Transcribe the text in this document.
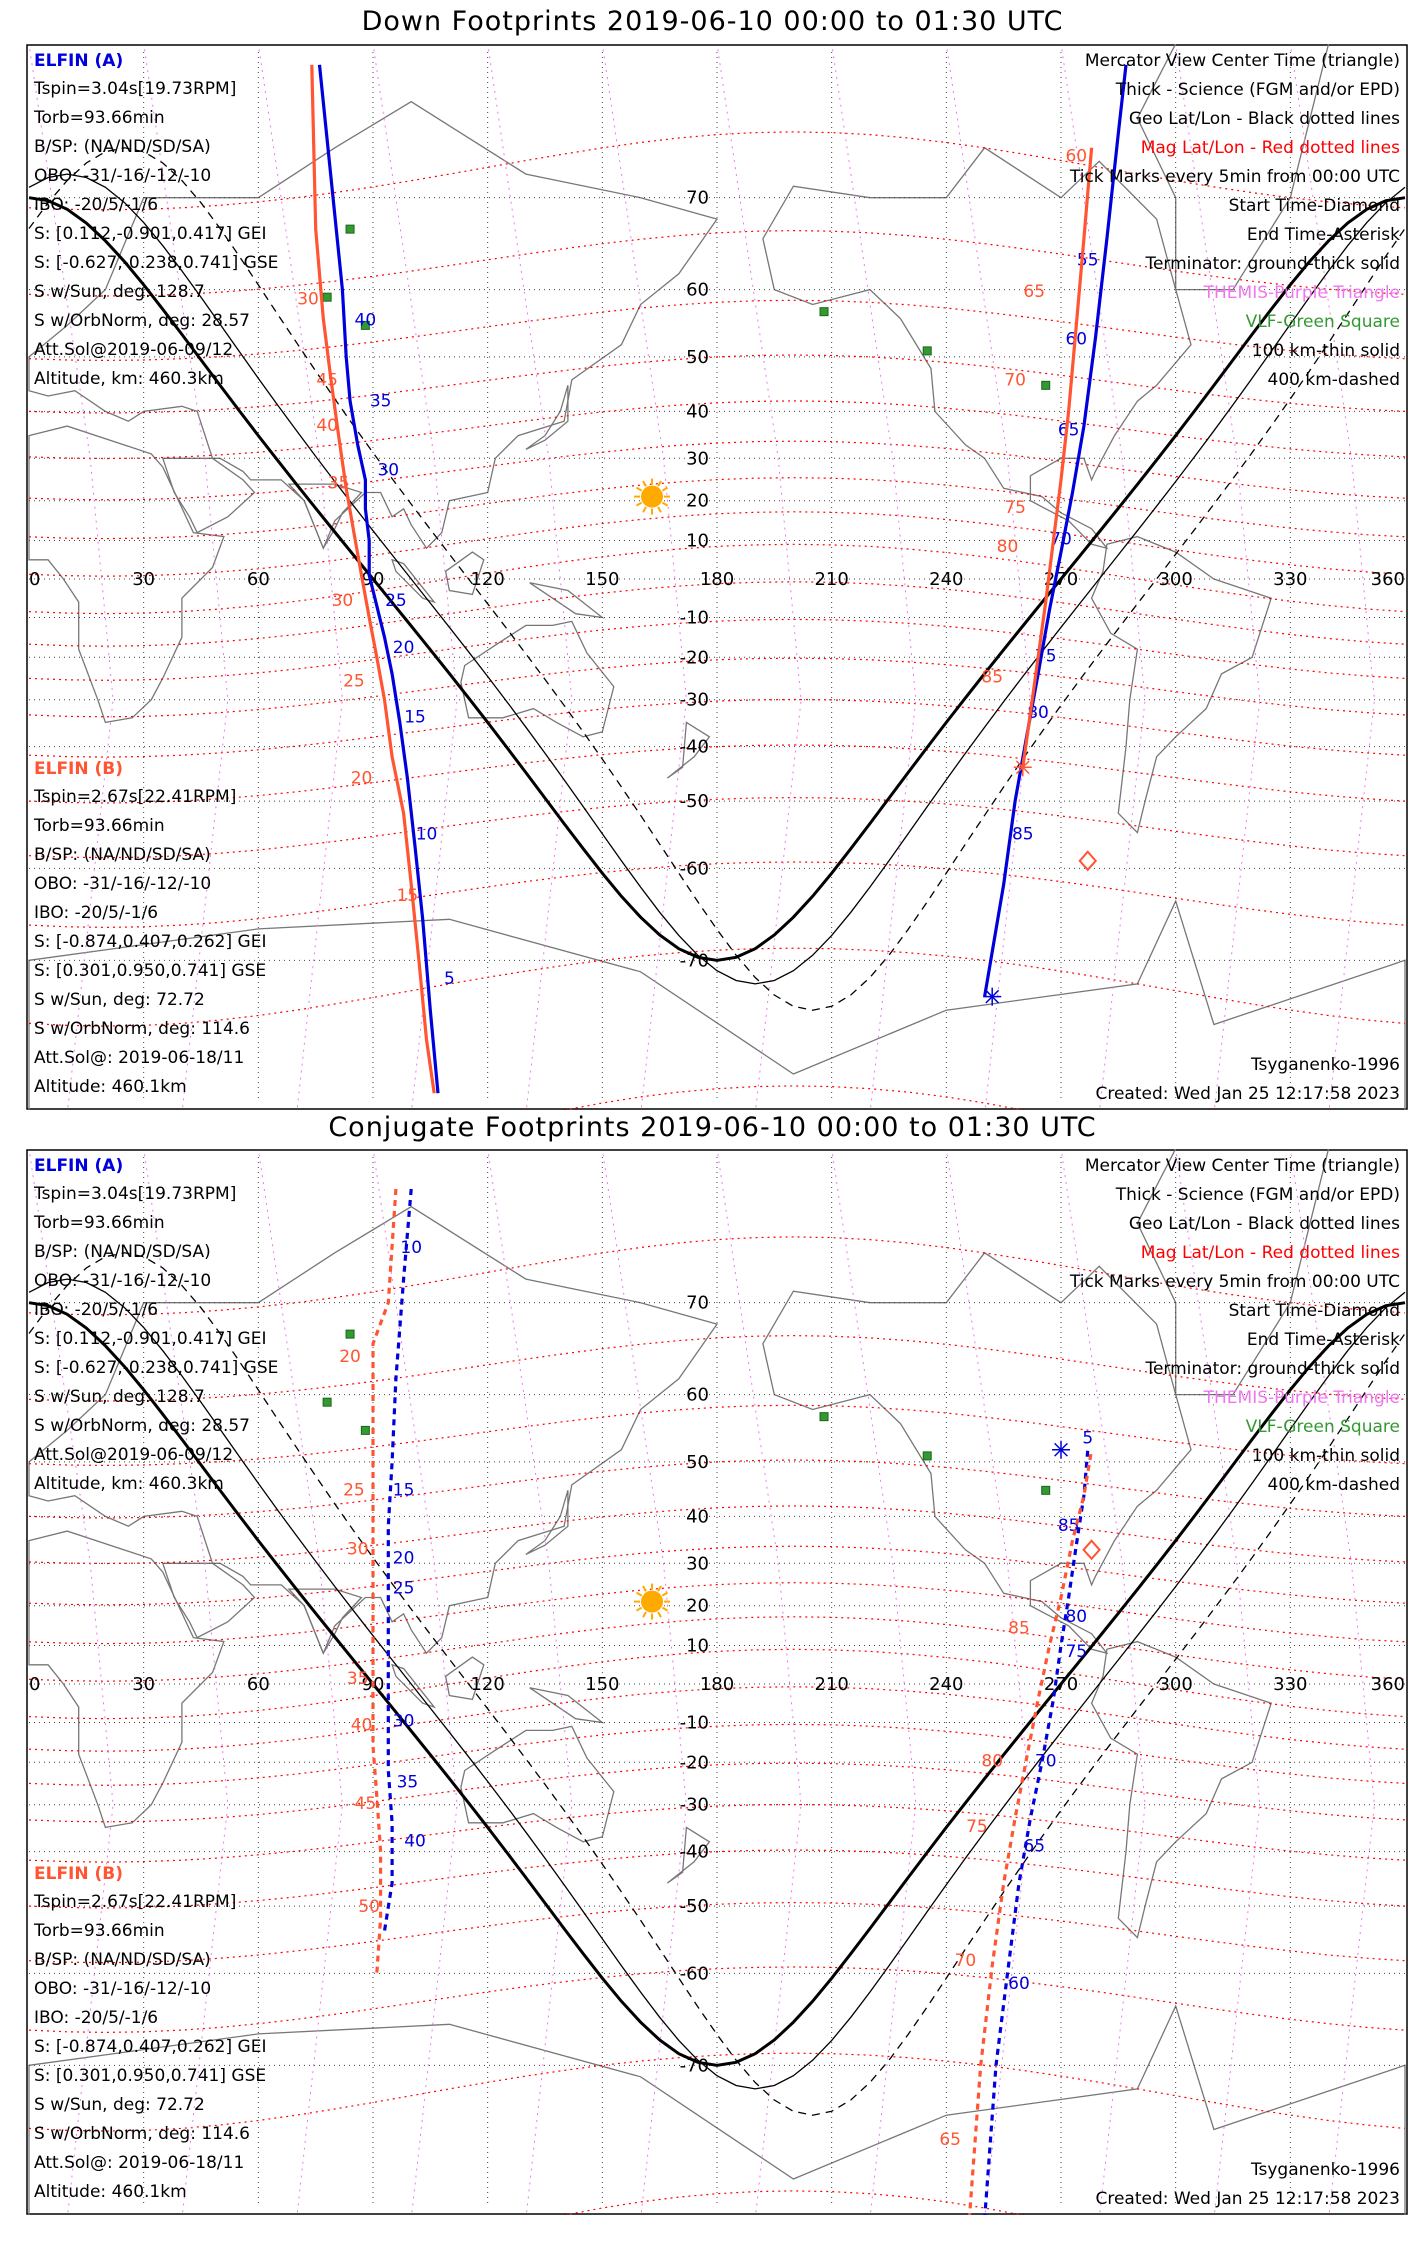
Down Footprints 2019-06-10 00:00 to 01:30 UTC
0	30	60	90	120	150	180	210	240	270	300	330	360
70
60
50
40
30
20
10
-10
-20
-30
-40
-50
-60
-70
40
35
30
25
20
15
10
5
30
45
40
35
30
25
20
15
85
80
75
70
65
60
55
85
80
75
70
65
60
ELFIN (A)
Tspin=3.04s[19.73RPM]
Torb=93.66min
B/SP: (NA/ND/SD/SA)
OBO: -31/-16/-12/-10
IBO: -20/5/-1/6
S: [0.112,-0.901,0.417] GEI
S: [-0.627,-0.238,0.741] GSE
S w/Sun, deg: 128.7
S w/OrbNorm, deg: 28.57
Att.Sol@2019-06-09/12
Altitude, km: 460.3km
ELFIN (B)
Tspin=2.67s[22.41RPM]
Torb=93.66min
B/SP: (NA/ND/SD/SA)
OBO: -31/-16/-12/-10
IBO: -20/5/-1/6
S: [-0.874,0.407,0.262] GEI
S: [0.301,0.950,0.741] GSE
S w/Sun, deg: 72.72
S w/OrbNorm, deg: 114.6
Att.Sol@: 2019-06-18/11
Altitude: 460.1km
Mercator View Center Time (triangle)
Thick - Science (FGM and/or EPD)
Geo Lat/Lon - Black dotted lines
Mag Lat/Lon - Red dotted lines
Tick Marks every 5min from 00:00 UTC
Start Time-Diamond
End Time-Asterisk
Terminator: ground-thick solid
THEMIS-Purple Triangle
VLF-Green Square
100 km-thin solid
400 km-dashed
Tsyganenko-1996
Created: Wed Jan 25 12:17:58 2023
Conjugate Footprints 2019-06-10 00:00 to 01:30 UTC
0	30	60	90	120	150	180	210	240	270	300	330	360
70
60
50
40
30
20
10
-10
-20
-30
-40
-50
-60
-70
10
15
20
25
30
35
40
20
25
30
35
40
45
50
60
65
70
75
80
85
5
65
70
75
80
85
ELFIN (A)
Tspin=3.04s[19.73RPM]
Torb=93.66min
B/SP: (NA/ND/SD/SA)
OBO: -31/-16/-12/-10
IBO: -20/5/-1/6
S: [0.112,-0.901,0.417] GEI
S: [-0.627,-0.238,0.741] GSE
S w/Sun, deg: 128.7
S w/OrbNorm, deg: 28.57
Att.Sol@2019-06-09/12
Altitude, km: 460.3km
ELFIN (B)
Tspin=2.67s[22.41RPM]
Torb=93.66min
B/SP: (NA/ND/SD/SA)
OBO: -31/-16/-12/-10
IBO: -20/5/-1/6
S: [-0.874,0.407,0.262] GEI
S: [0.301,0.950,0.741] GSE
S w/Sun, deg: 72.72
S w/OrbNorm, deg: 114.6
Att.Sol@: 2019-06-18/11
Altitude: 460.1km
Mercator View Center Time (triangle)
Thick - Science (FGM and/or EPD)
Geo Lat/Lon - Black dotted lines
Mag Lat/Lon - Red dotted lines
Tick Marks every 5min from 00:00 UTC
Start Time-Diamond
End Time-Asterisk
Terminator: ground-thick solid
THEMIS-Purple Triangle
VLF-Green Square
100 km-thin solid
400 km-dashed
Tsyganenko-1996
Created: Wed Jan 25 12:17:58 2023
